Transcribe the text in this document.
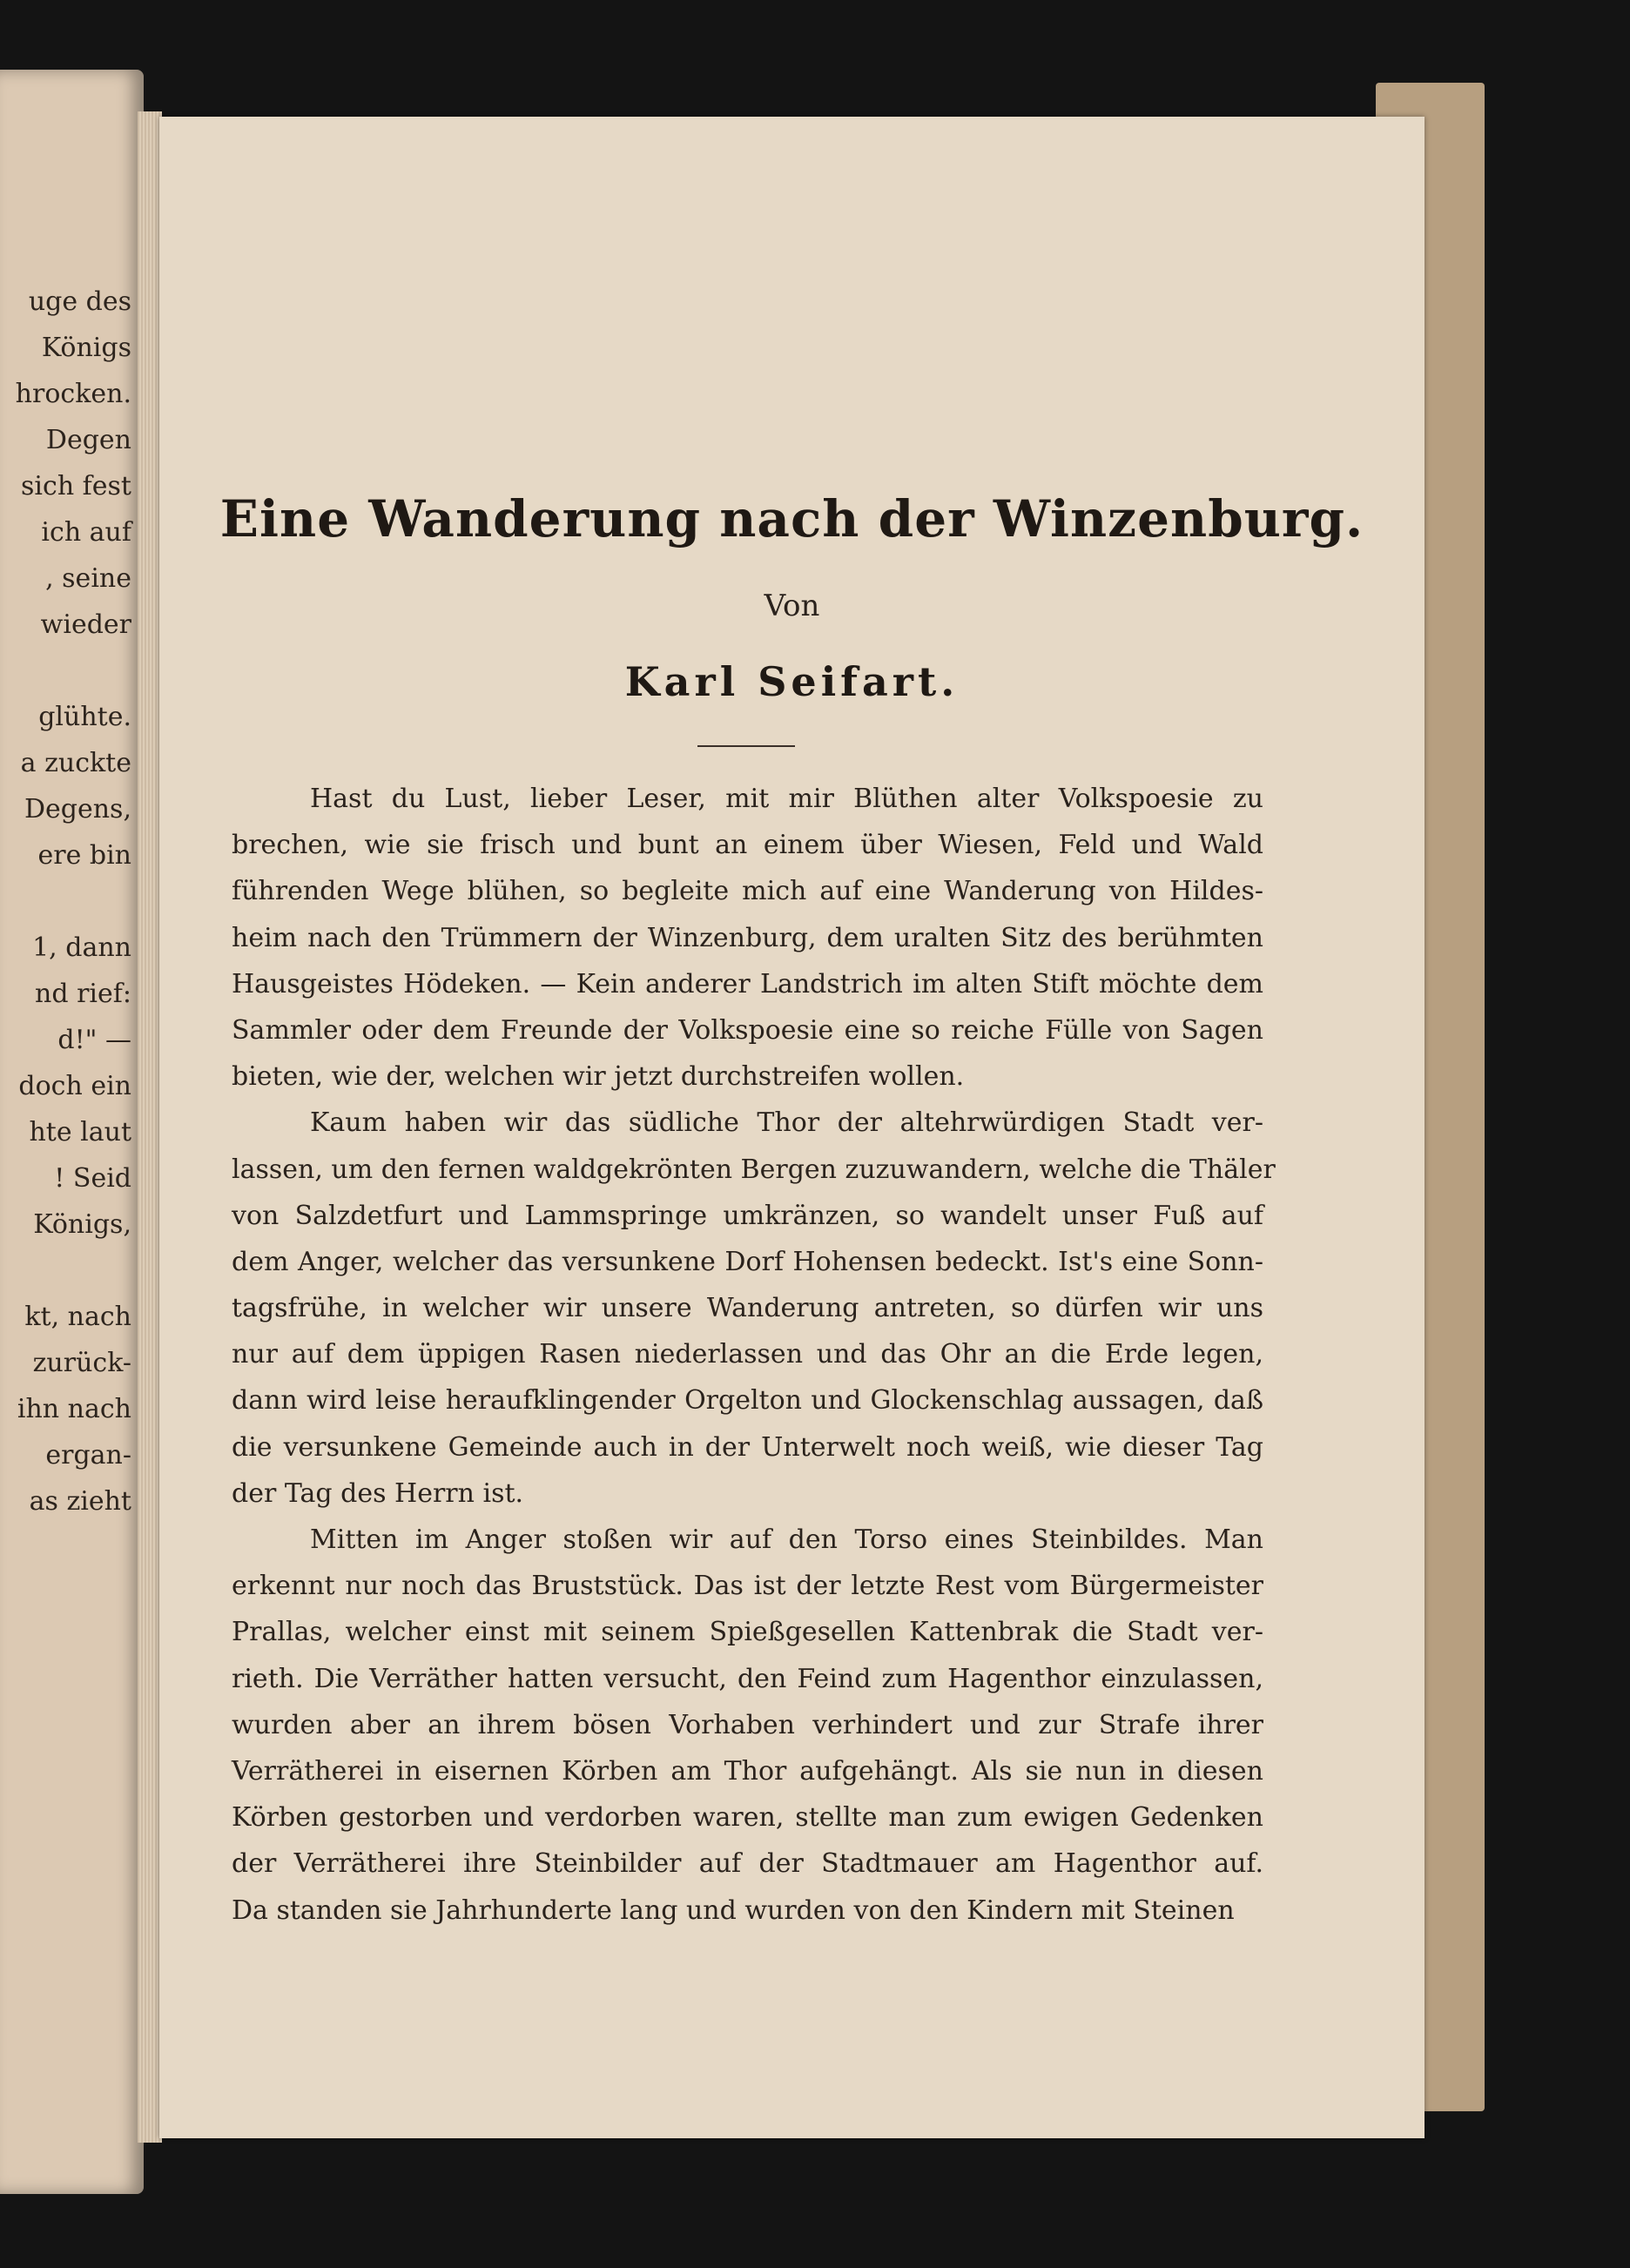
uge des
Königs
hrocken.
Degen
sich fest
ich auf
, seine
wieder
glühte.
a zuckte
Degens,
ere bin
1, dann
nd rief:
d!" —
doch ein
hte laut
! Seid
Königs,
kt, nach
zurück-
ihn nach
ergan-
as zieht
Eine Wanderung nach der Winzenburg.
Von
Karl Seifart.
Hast du Lust, lieber Leser, mit mir Blüthen alter Volkspoesie zu
brechen, wie sie frisch und bunt an einem über Wiesen, Feld und Wald
führenden Wege blühen, so begleite mich auf eine Wanderung von Hildes-
heim nach den Trümmern der Winzenburg, dem uralten Sitz des berühmten
Hausgeistes Hödeken. — Kein anderer Landstrich im alten Stift möchte dem
Sammler oder dem Freunde der Volkspoesie eine so reiche Fülle von Sagen
bieten, wie der, welchen wir jetzt durchstreifen wollen.
Kaum haben wir das südliche Thor der altehrwürdigen Stadt ver-
lassen, um den fernen waldgekrönten Bergen zuzuwandern, welche die Thäler
von Salzdetfurt und Lammspringe umkränzen, so wandelt unser Fuß auf
dem Anger, welcher das versunkene Dorf Hohensen bedeckt. Ist's eine Sonn-
tagsfrühe, in welcher wir unsere Wanderung antreten, so dürfen wir uns
nur auf dem üppigen Rasen niederlassen und das Ohr an die Erde legen,
dann wird leise heraufklingender Orgelton und Glockenschlag aussagen, daß
die versunkene Gemeinde auch in der Unterwelt noch weiß, wie dieser Tag
der Tag des Herrn ist.
Mitten im Anger stoßen wir auf den Torso eines Steinbildes. Man
erkennt nur noch das Bruststück. Das ist der letzte Rest vom Bürgermeister
Prallas, welcher einst mit seinem Spießgesellen Kattenbrak die Stadt ver-
rieth. Die Verräther hatten versucht, den Feind zum Hagenthor einzulassen,
wurden aber an ihrem bösen Vorhaben verhindert und zur Strafe ihrer
Verrätherei in eisernen Körben am Thor aufgehängt. Als sie nun in diesen
Körben gestorben und verdorben waren, stellte man zum ewigen Gedenken
der Verrätherei ihre Steinbilder auf der Stadtmauer am Hagenthor auf.
Da standen sie Jahrhunderte lang und wurden von den Kindern mit Steinen
